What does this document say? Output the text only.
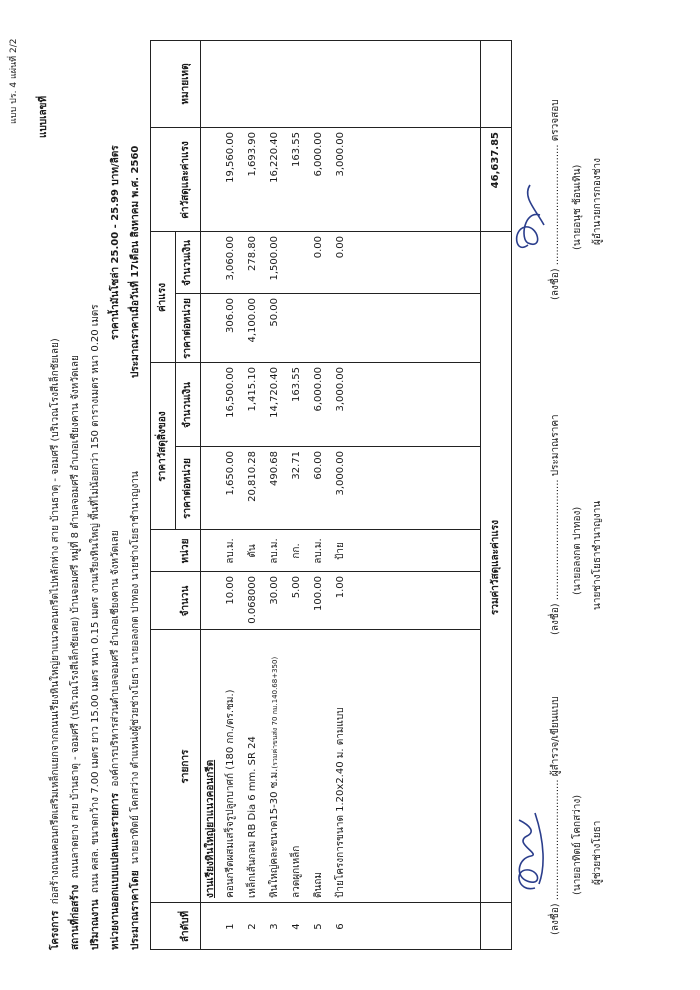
แบบ ปร. 4 แผ่นที่ 2/2 แบบเลขที่
โครงการ  ก่อสร้างถนนคอนกรีตเสริมเหล็กแยกจากถนนเรียงหินใหญ่ยาแนวคอนกรีตไปหลักห่าง สาย บ้านธาตุ - จอมศรี (บริเวณโรงสีเล็กชัยเลย)
สถานที่ก่อสร้าง  ถนนลาดยาง สาย บ้านธาตุ - จอมศรี (บริเวณโรงสีเล็กชัยเลย) บ้านจอมศรี หมู่ที่ 8 ตำบลจอมศรี อำเภอเชียงคาน จังหวัดเลย
ปริมาณงาน  ถนน คสล. ขนาดกว้าง 7.00 เมตร ยาว 15.00 เมตร หนา 0.15 เมตร งานเรียงหินใหญ่ พื้นที่ไม่น้อยกว่า 150 ตารางเมตร หนา 0.20 เมตร หน่วยงานออกแบบแปลนและรายการ  องค์การบริหารส่วนตำบลจอมศรี อำเภอเชียงคาน จังหวัดเลย
ราคาน้ำมันโซล่า 25.00 - 25.99 บาท/ลิตร
ประมาณราคาโดย  นายอาทิตย์ โคกสว่าง ตำแหน่งผู้ช่วยช่างโยธา นายอลงกต ปาทอง นายช่างโยธาชำนาญงาน
ประมาณราคาเมื่อวันที่ 17เดือน สิงหาคม พ.ศ. 2560
ลำดับที่
รายการ
จำนวน
หน่วย
ราคาวัสดุสิ่งของ
ค่าแรง
ราคาต่อหน่วย
จำนวนเงิน
ราคาต่อหน่วย
จำนวนเงิน
ค่าวัสดุและค่าแรง
หมายเหตุ
งานเรียงหินใหญ่ยาแนวคอนกรีต
1
คอนกรีตผสมเสร็จรูปลูกบาศก์ (180 กก./ตร.ซม.)
10.00
ลบ.ม.
1,650.00
16,500.00
306.00
3,060.00
19,560.00
2
เหล็กเส้นกลม RB Dia 6 mm. SR 24
0.068000
ตัน
20,810.28
1,415.10
4,100.00
278.80
1,693.90
3
หินใหญ่คละขนาด15-30 ซ.ม.(รวมค่าขนส่ง 70 กม.140.68+350)
30.00
ลบ.ม.
490.68
14,720.40
50.00
1,500.00
16,220.40
4
ลวดผูกเหล็ก
5.00
กก.
32.71
163.55
163.55
5
ดินถม
100.00
ลบ.ม.
60.00
6,000.00
0.00
6,000.00
6
ป้ายโครงการขนาด 1.20x2.40 ม. ตามแบบ
1.00
ป้าย
3,000.00
3,000.00
0.00
3,000.00
รวมค่าวัสดุและค่าแรง
46,637.85
(ลงชื่อ) ...................................... ผู้สำรวจ/เขียนแบบ
(นายอาทิตย์ โคกสว่าง) ผู้ช่วยช่างโยธา
(ลงชื่อ) ...................................... ประมาณราคา
(นายอลงกต ปาทอง) นายช่างโยธาชำนาญงาน
(ลงชื่อ) ...................................... ตรวจสอบ
(นายอนุช ช้อนเทิน) ผู้อำนวยการกองช่าง
